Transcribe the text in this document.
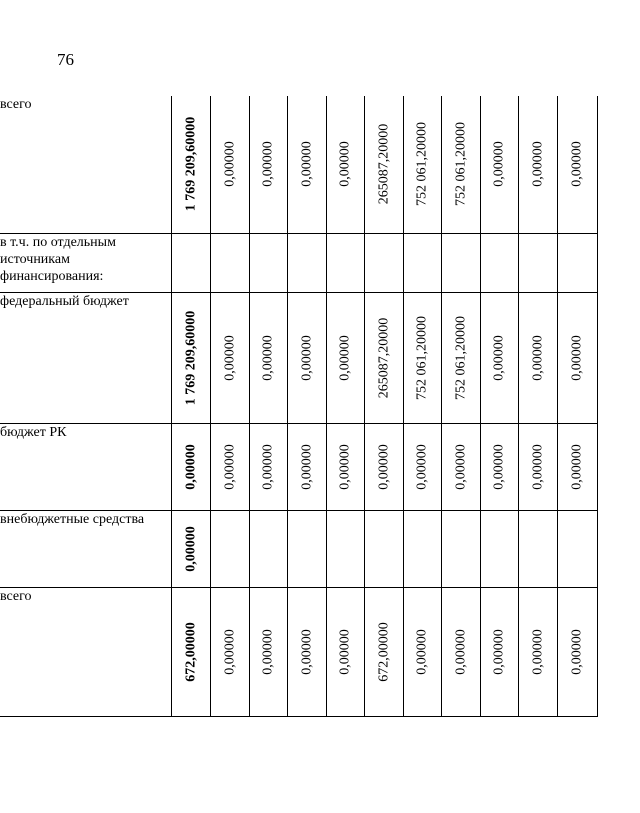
76
всего	1 769 209,60000	0,00000	0,00000	0,00000	0,00000	265087,20000	752 061,20000	752 061,20000	0,00000	0,00000	0,00000

в т.ч. по отдельным источникам финансирования:											
федеральный бюджет	1 769 209,60000	0,00000	0,00000	0,00000	0,00000	265087,20000	752 061,20000	752 061,20000	0,00000	0,00000	0,00000

бюджет РК	0,00000	0,00000	0,00000	0,00000	0,00000	0,00000	0,00000	0,00000	0,00000	0,00000	0,00000

внебюджетные средства	0,00000										

всего	672,00000	0,00000	0,00000	0,00000	0,00000	672,00000	0,00000	0,00000	0,00000	0,00000	0,00000
